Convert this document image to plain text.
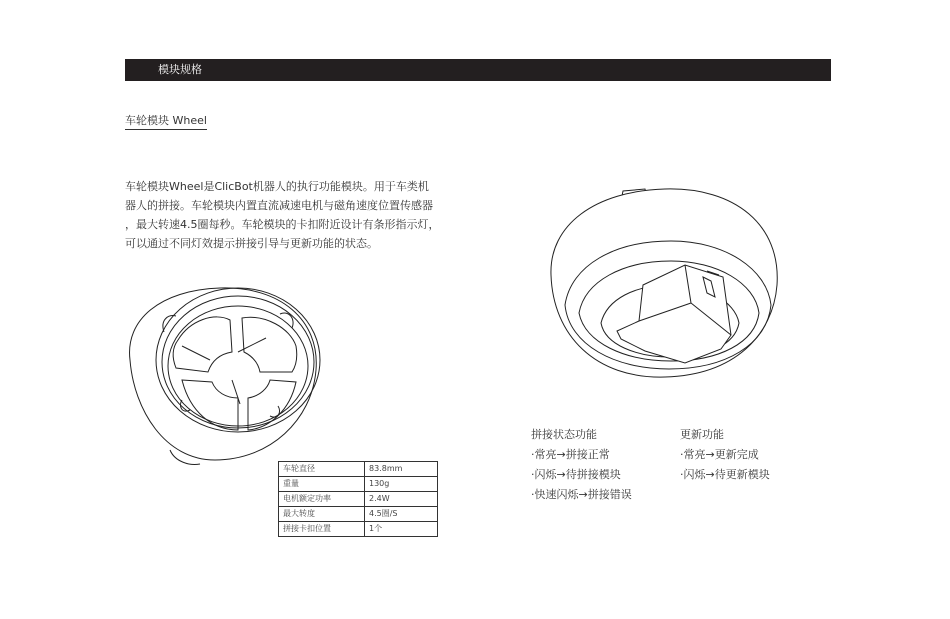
模块规格
车轮模块 Wheel

车轮模块Wheel是ClicBot机器人的执行功能模块。用于车类机

器人的拼接。车轮模块内置直流减速电机与磁角速度位置传感器

，最大转速4.5圈每秒。车轮模块的卡扣附近设计有条形指示灯，

可以通过不同灯效提示拼接引导与更新功能的状态。

车轮直径	83.8mm
重量	130g
电机额定功率	2.4W
最大转度	4.5圈/S
拼接卡扣位置	1个
拼接状态功能
·常亮→拼接正常
·闪烁→待拼接模块
·快速闪烁→拼接错误
更新功能
·常亮→更新完成
·闪烁→待更新模块
